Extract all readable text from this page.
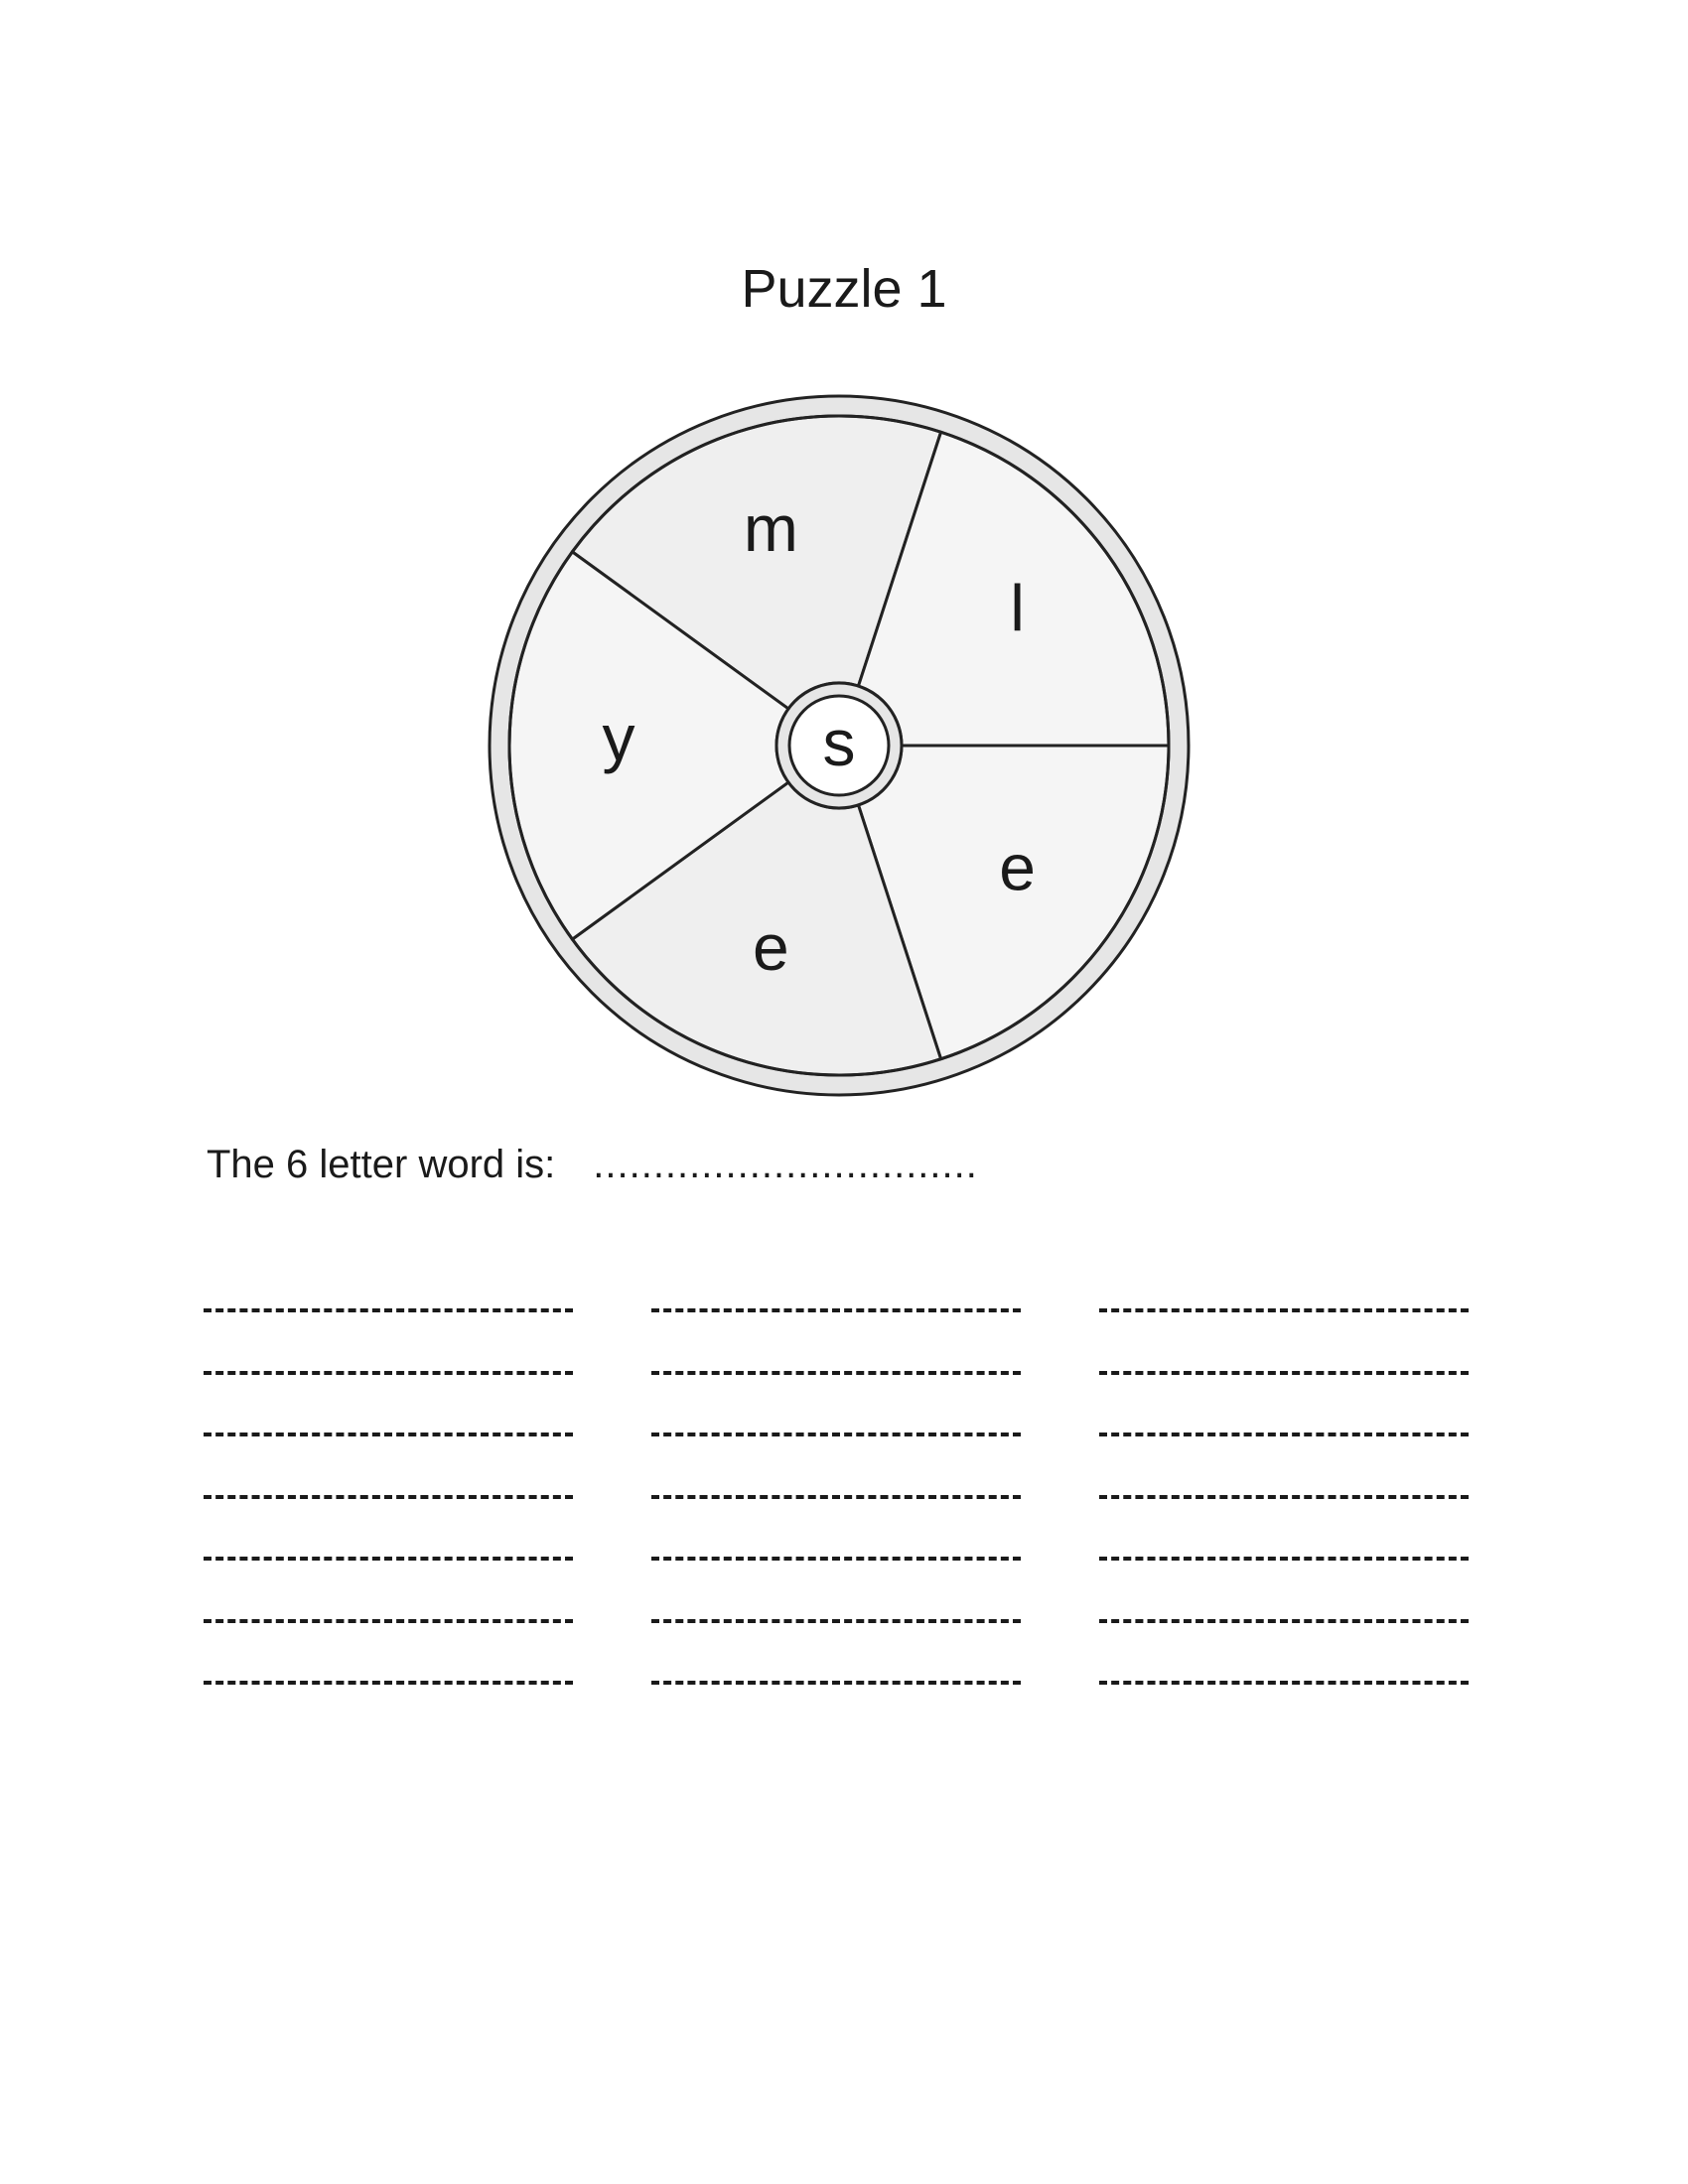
Puzzle 1
m
l
e
e
y	s
The 6 letter word is: ................................
